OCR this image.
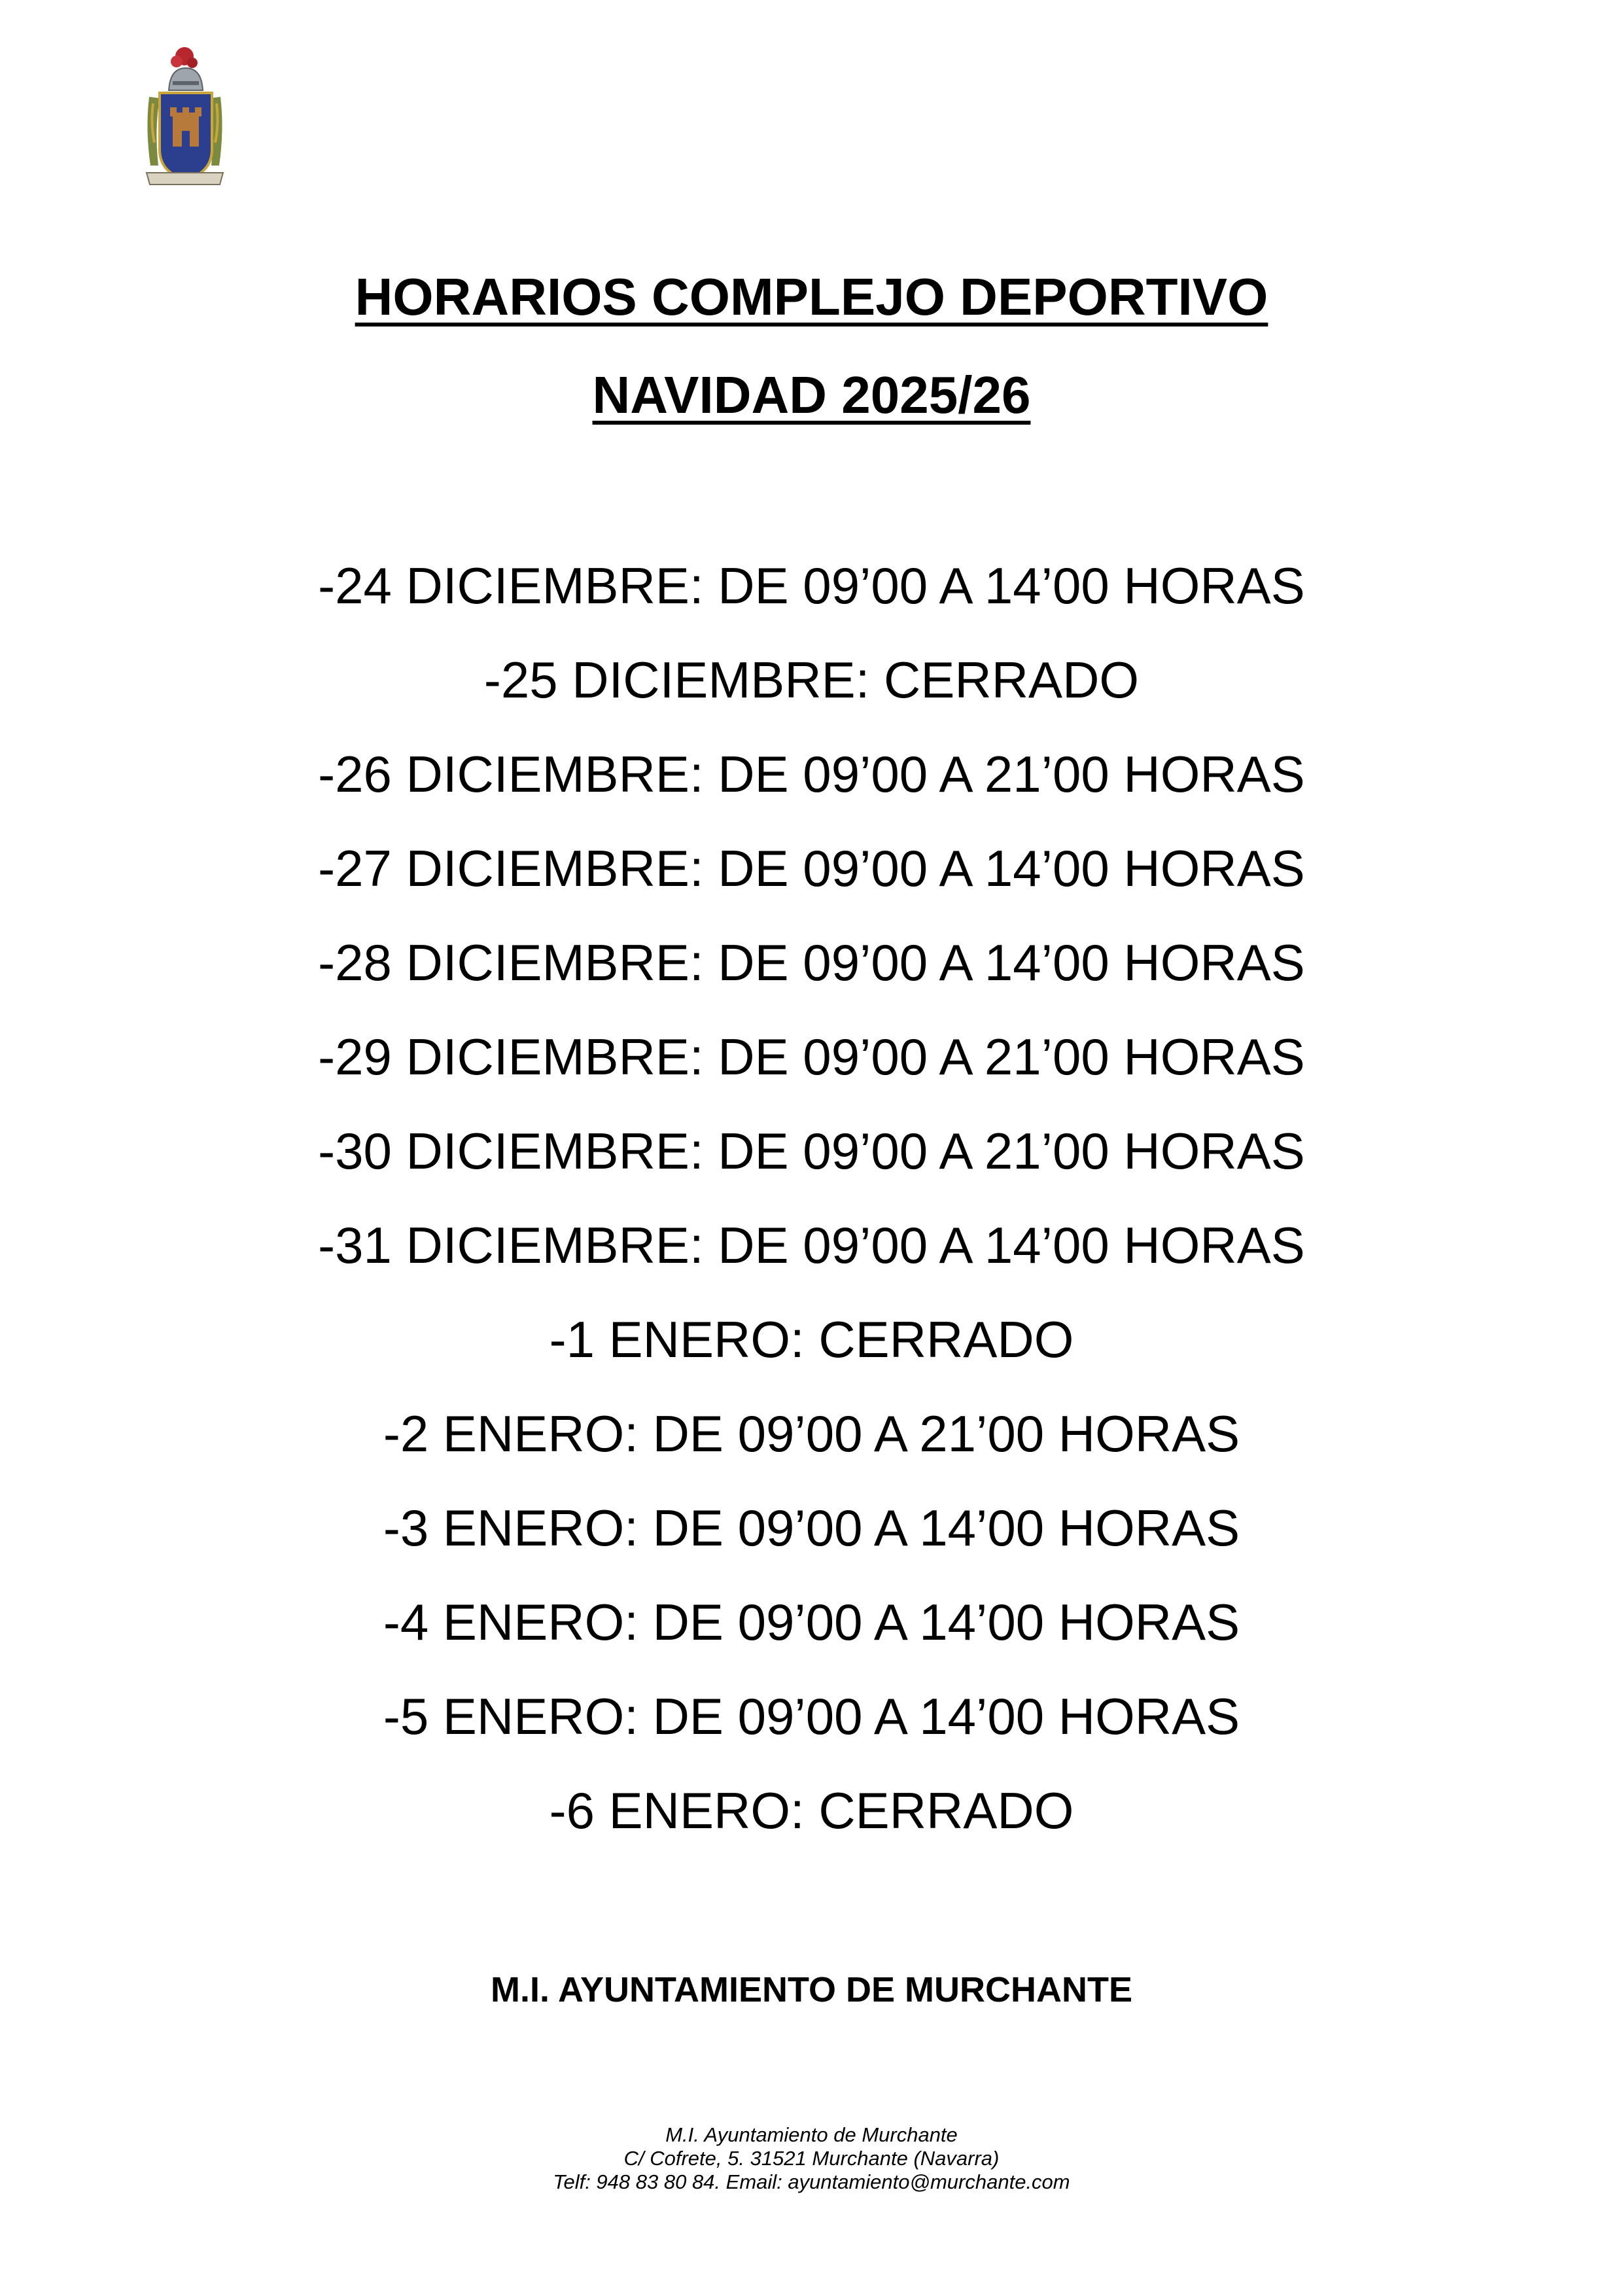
HORARIOS COMPLEJO DEPORTIVO
NAVIDAD 2025/26
-24 DICIEMBRE: DE 09’00 A 14’00 HORAS
-25 DICIEMBRE: CERRADO
-26 DICIEMBRE: DE 09’00 A 21’00 HORAS
-27 DICIEMBRE: DE 09’00 A 14’00 HORAS
-28 DICIEMBRE: DE 09’00 A 14’00 HORAS
-29 DICIEMBRE: DE 09’00 A 21’00 HORAS
-30 DICIEMBRE: DE 09’00 A 21’00 HORAS
-31 DICIEMBRE: DE 09’00 A 14’00 HORAS
-1 ENERO: CERRADO
-2 ENERO: DE 09’00 A 21’00 HORAS
-3 ENERO: DE 09’00 A 14’00 HORAS
-4 ENERO: DE 09’00 A 14’00 HORAS
-5 ENERO: DE 09’00 A 14’00 HORAS
-6 ENERO: CERRADO
M.I. AYUNTAMIENTO DE MURCHANTE
M.I. Ayuntamiento de Murchante
C/ Cofrete, 5. 31521 Murchante (Navarra)
Telf: 948 83 80 84. Email: ayuntamiento@murchante.com
